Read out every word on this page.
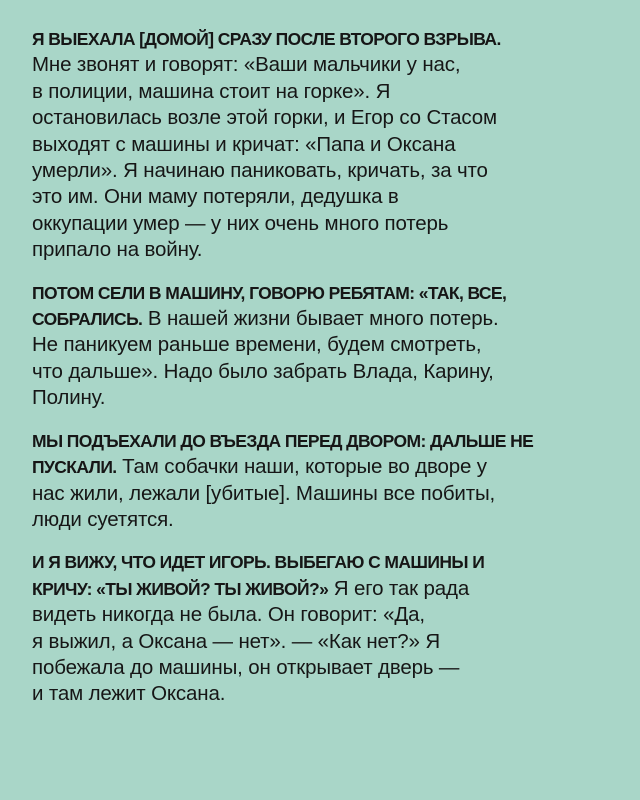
Я ВЫЕХАЛА [ДОМОЙ] СРАЗУ ПОСЛЕ ВТОРОГО ВЗРЫВА.
Мне звонят и говорят: «Ваши мальчики у нас,
в полиции, машина стоит на горке». Я
остановилась возле этой горки, и Егор со Стасом
выходят с машины и кричат: «Папа и Оксана
умерли». Я начинаю паниковать, кричать, за что
это им. Они маму потеряли, дедушка в
оккупации умер — у них очень много потерь
припало на войну.
ПОТОМ СЕЛИ В МАШИНУ, ГОВОРЮ РЕБЯТАМ: «ТАК, ВСЕ,
СОБРАЛИСЬ. В нашей жизни бывает много потерь.
Не паникуем раньше времени, будем смотреть,
что дальше». Надо было забрать Влада, Карину,
Полину.
МЫ ПОДЪЕХАЛИ ДО ВЪЕЗДА ПЕРЕД ДВОРОМ: ДАЛЬШЕ НЕ
ПУСКАЛИ. Там собачки наши, которые во дворе у
нас жили, лежали [убитые]. Машины все побиты,
люди суетятся.
И Я ВИЖУ, ЧТО ИДЕТ ИГОРЬ. ВЫБЕГАЮ С МАШИНЫ И
КРИЧУ: «ТЫ ЖИВОЙ? ТЫ ЖИВОЙ?» Я его так рада
видеть никогда не была. Он говорит: «Да,
я выжил, а Оксана — нет». — «Как нет?» Я
побежала до машины, он открывает дверь —
и там лежит Оксана.
